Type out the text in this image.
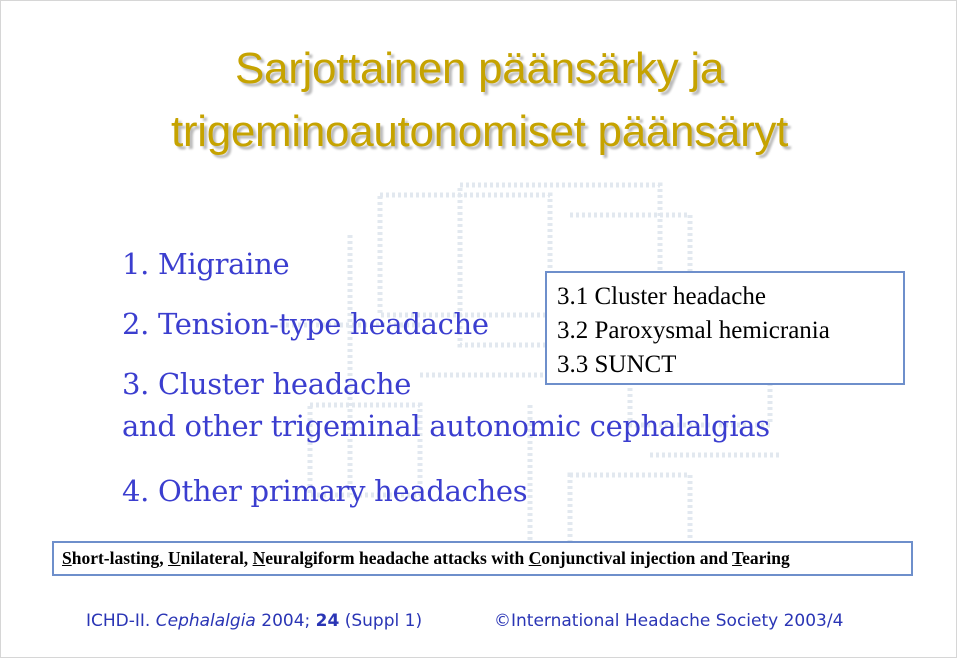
Sarjottainen päänsärky ja
trigeminoautonomiset päänsäryt
1. Migraine
2. Tension-type headache
3. Cluster headache
and other trigeminal autonomic cephalalgias
4. Other primary headaches
3.1 Cluster headache
3.2 Paroxysmal hemicrania
3.3 SUNCT
Short-lasting, Unilateral, Neuralgiform headache attacks with Conjunctival injection and Tearing
ICHD-II. Cephalalgia 2004; 24 (Suppl 1)	©International Headache Society 2003/4
